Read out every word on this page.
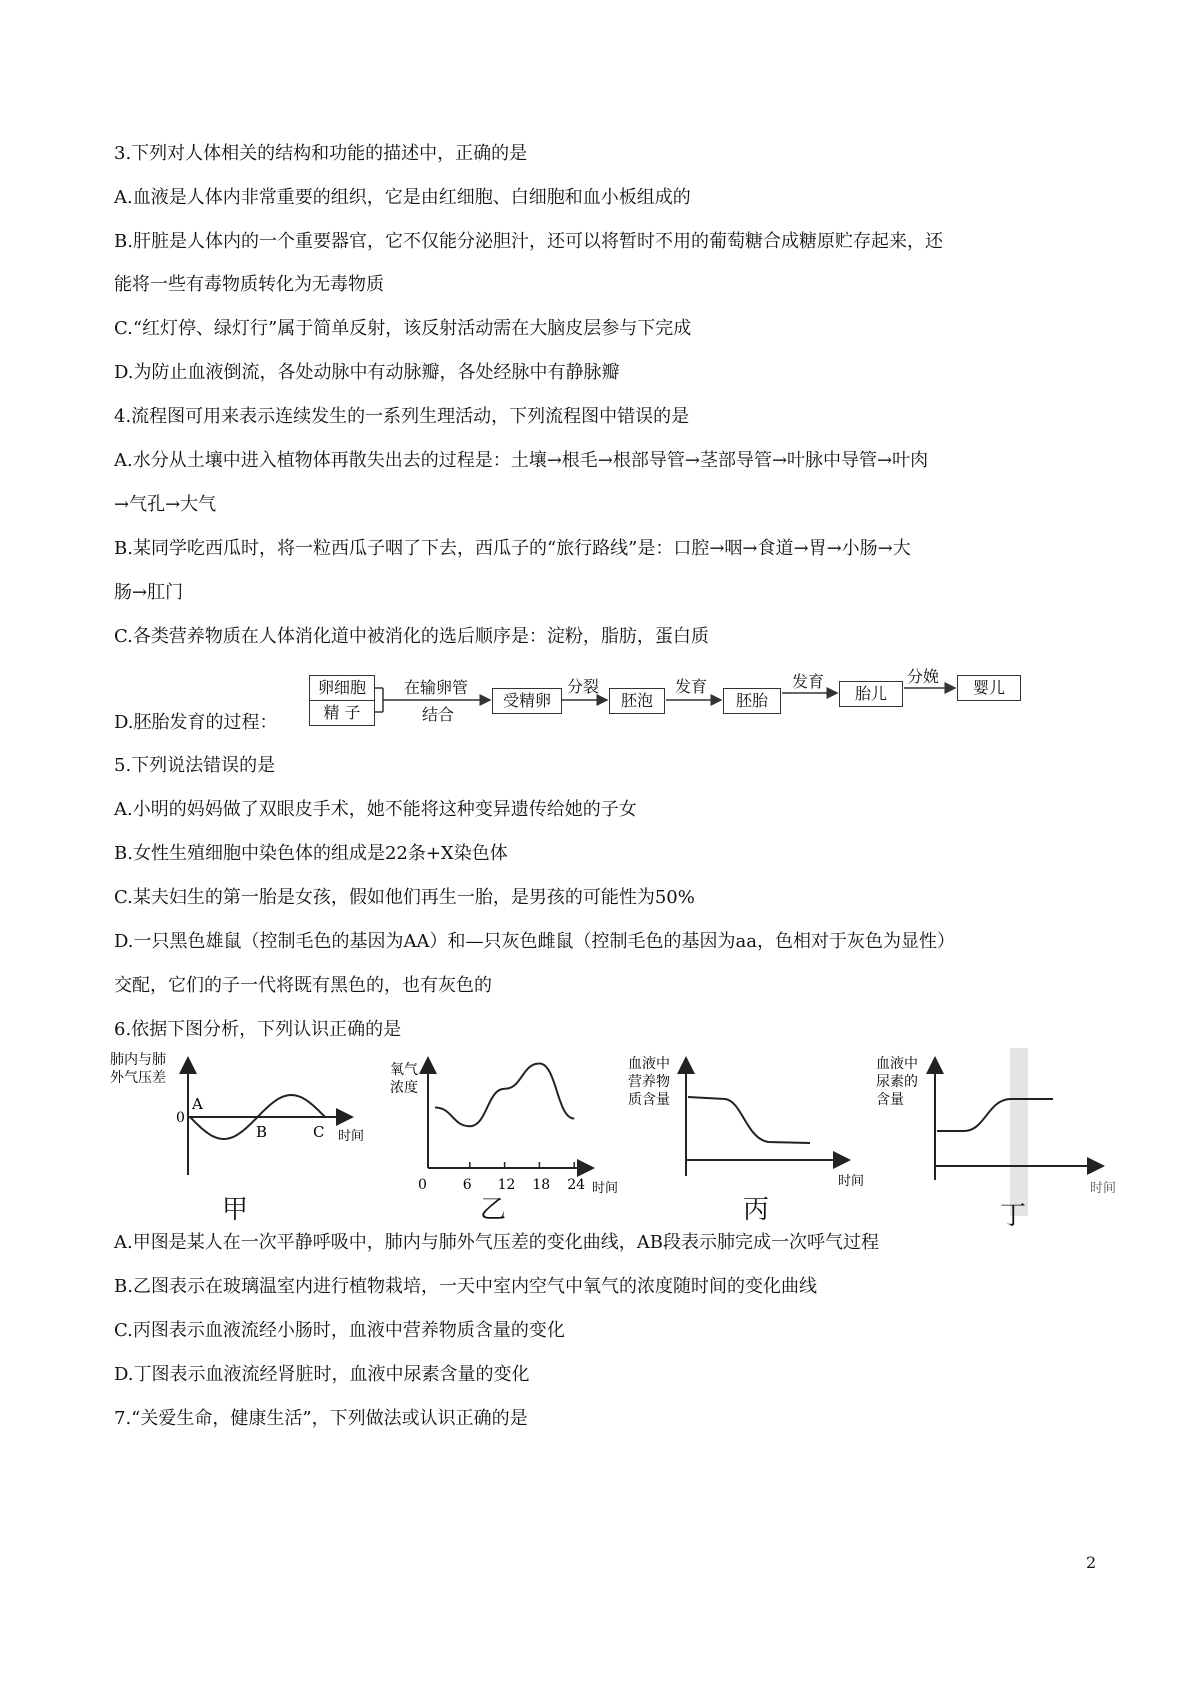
3.下列对人体相关的结构和功能的描述中，正确的是
A.血液是人体内非常重要的组织，它是由红细胞、白细胞和血小板组成的
B.肝脏是人体内的一个重要器官，它不仅能分泌胆汁，还可以将暂时不用的葡萄糖合成糖原贮存起来，还
能将一些有毒物质转化为无毒物质
C.“红灯停、绿灯行”属于简单反射，该反射活动需在大脑皮层参与下完成
D.为防止血液倒流，各处动脉中有动脉瓣，各处经脉中有静脉瓣
4.流程图可用来表示连续发生的一系列生理活动，下列流程图中错误的是
A.水分从土壤中进入植物体再散失出去的过程是：土壤→根毛→根部导管→茎部导管→叶脉中导管→叶肉
→气孔→大气
B.某同学吃西瓜时，将一粒西瓜子咽了下去，西瓜子的“旅行路线”是：口腔→咽→食道→胃→小肠→大
肠→肛门
C.各类营养物质在人体消化道中被消化的选后顺序是：淀粉，脂肪，蛋白质
D.胚胎发育的过程：
卵细胞
精 子
在输卵管
结合
受精卵
分裂
胚泡
发育
胚胎
发育
胎儿
分娩
婴儿
5.下列说法错误的是
A.小明的妈妈做了双眼皮手术，她不能将这种变异遗传给她的子女
B.女性生殖细胞中染色体的组成是22条+X染色体
C.某夫妇生的第一胎是女孩，假如他们再生一胎，是男孩的可能性为50%
D.一只黑色雄鼠（控制毛色的基因为AA）和—只灰色雌鼠（控制毛色的基因为aa，色相对于灰色为显性）
交配，它们的子一代将既有黑色的，也有灰色的
6.依据下图分析，下列认识正确的是
肺内与肺
外气压差
0
A
B	C 时间
6 12 18 24
氧气
浓度
0	时间
血液中
营养物
质含量
时间
血液中
尿素的
含量
时间
甲	乙	丙	丁
A.甲图是某人在一次平静呼吸中，肺内与肺外气压差的变化曲线，AB段表示肺完成一次呼气过程
B.乙图表示在玻璃温室内进行植物栽培，一天中室内空气中氧气的浓度随时间的变化曲线
C.丙图表示血液流经小肠时，血液中营养物质含量的变化
D.丁图表示血液流经肾脏时，血液中尿素含量的变化
7.“关爱生命，健康生活”，下列做法或认识正确的是
2
